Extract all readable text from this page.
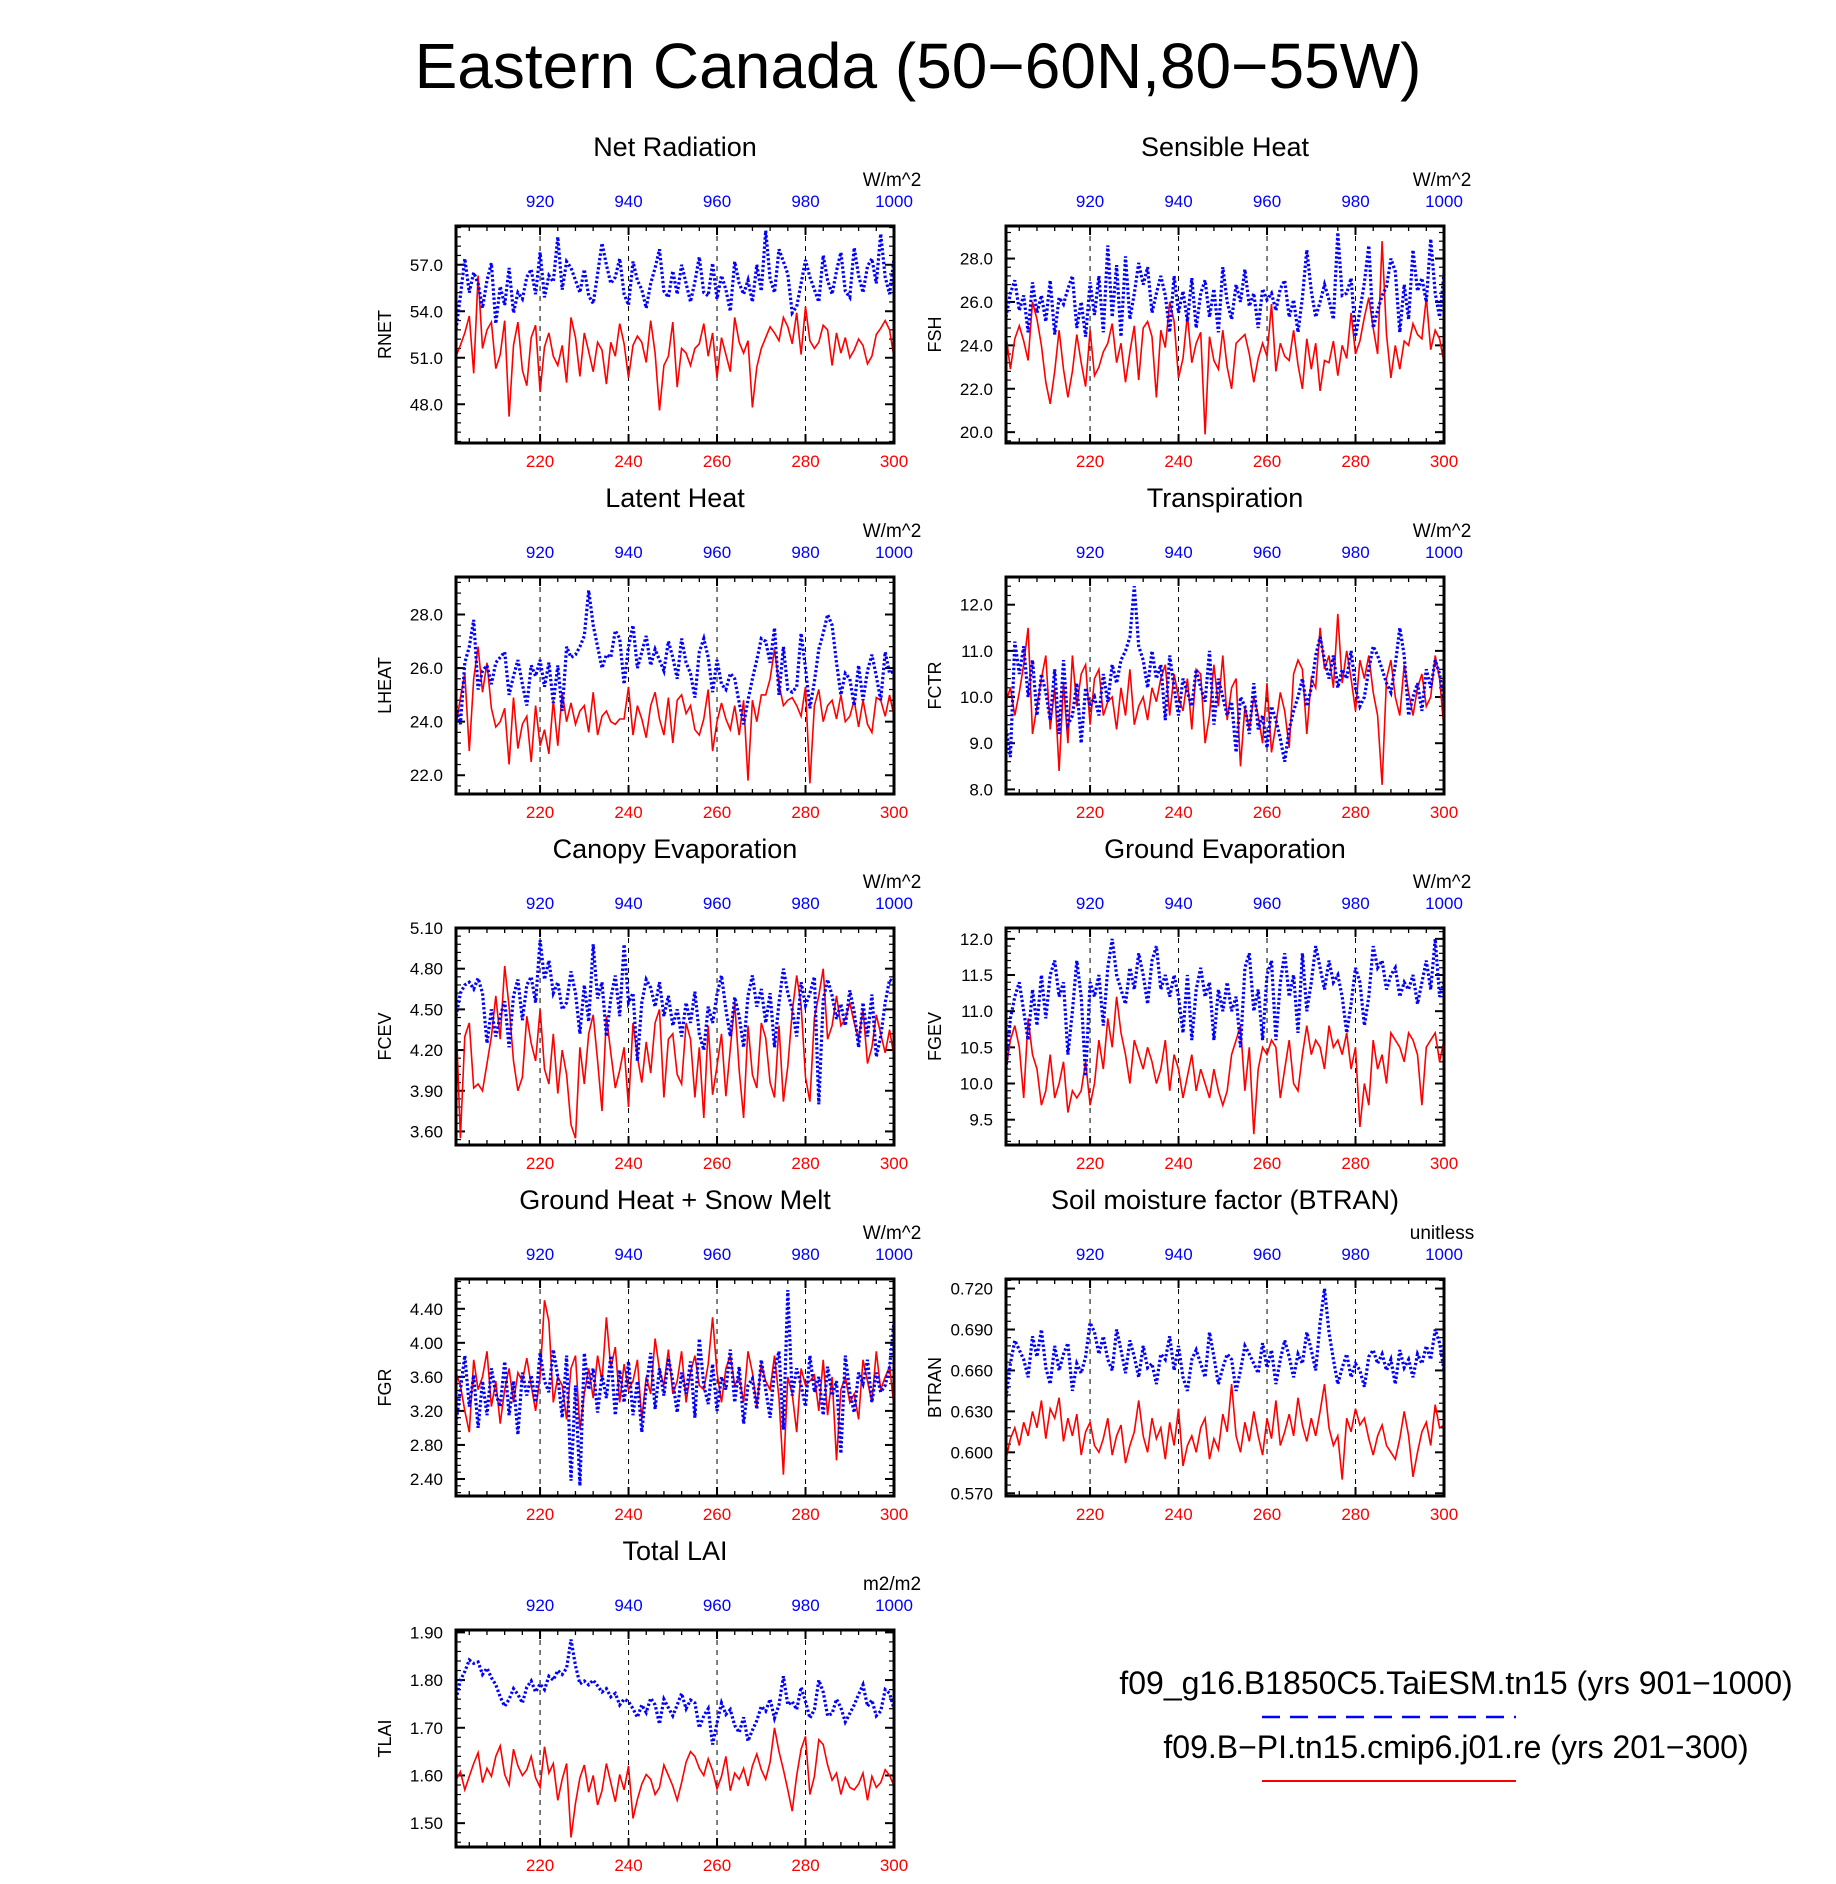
Eastern Canada (50−60N,80−55W)
Net Radiation
W/m^2
RNET
220	240	260	280	300
920	940	960	980	1000
48.0
51.0
54.0
57.0
Sensible Heat
W/m^2
FSH
220	240	260	280	300
920	940	960	980	1000
20.0
22.0
24.0
26.0
28.0
Latent Heat
W/m^2
LHEAT
220	240	260	280	300
920	940	960	980	1000
22.0
24.0
26.0
28.0
Transpiration
W/m^2
FCTR
220	240	260	280	300
920	940	960	980	1000
8.0
9.0
10.0
11.0
12.0
Canopy Evaporation
W/m^2
FCEV
220	240	260	280	300
920	940	960	980	1000
3.60
3.90
4.20
4.50
4.80
5.10
Ground Evaporation
W/m^2
FGEV
220	240	260	280	300
920	940	960	980	1000
9.5
10.0
10.5
11.0
11.5
12.0
Ground Heat + Snow Melt
W/m^2
FGR
220	240	260	280	300
920	940	960	980	1000
2.40
2.80
3.20
3.60
4.00
4.40
Soil moisture factor (BTRAN)
unitless
BTRAN
220	240	260	280	300
920	940	960	980	1000
0.570
0.600
0.630
0.660
0.690
0.720
Total LAI
m2/m2
TLAI
220	240	260	280	300
920	940	960	980	1000
1.50
1.60
1.70
1.80
1.90
f09_g16.B1850C5.TaiESM.tn15 (yrs 901−1000)
f09.B−PI.tn15.cmip6.j01.re (yrs 201−300)
